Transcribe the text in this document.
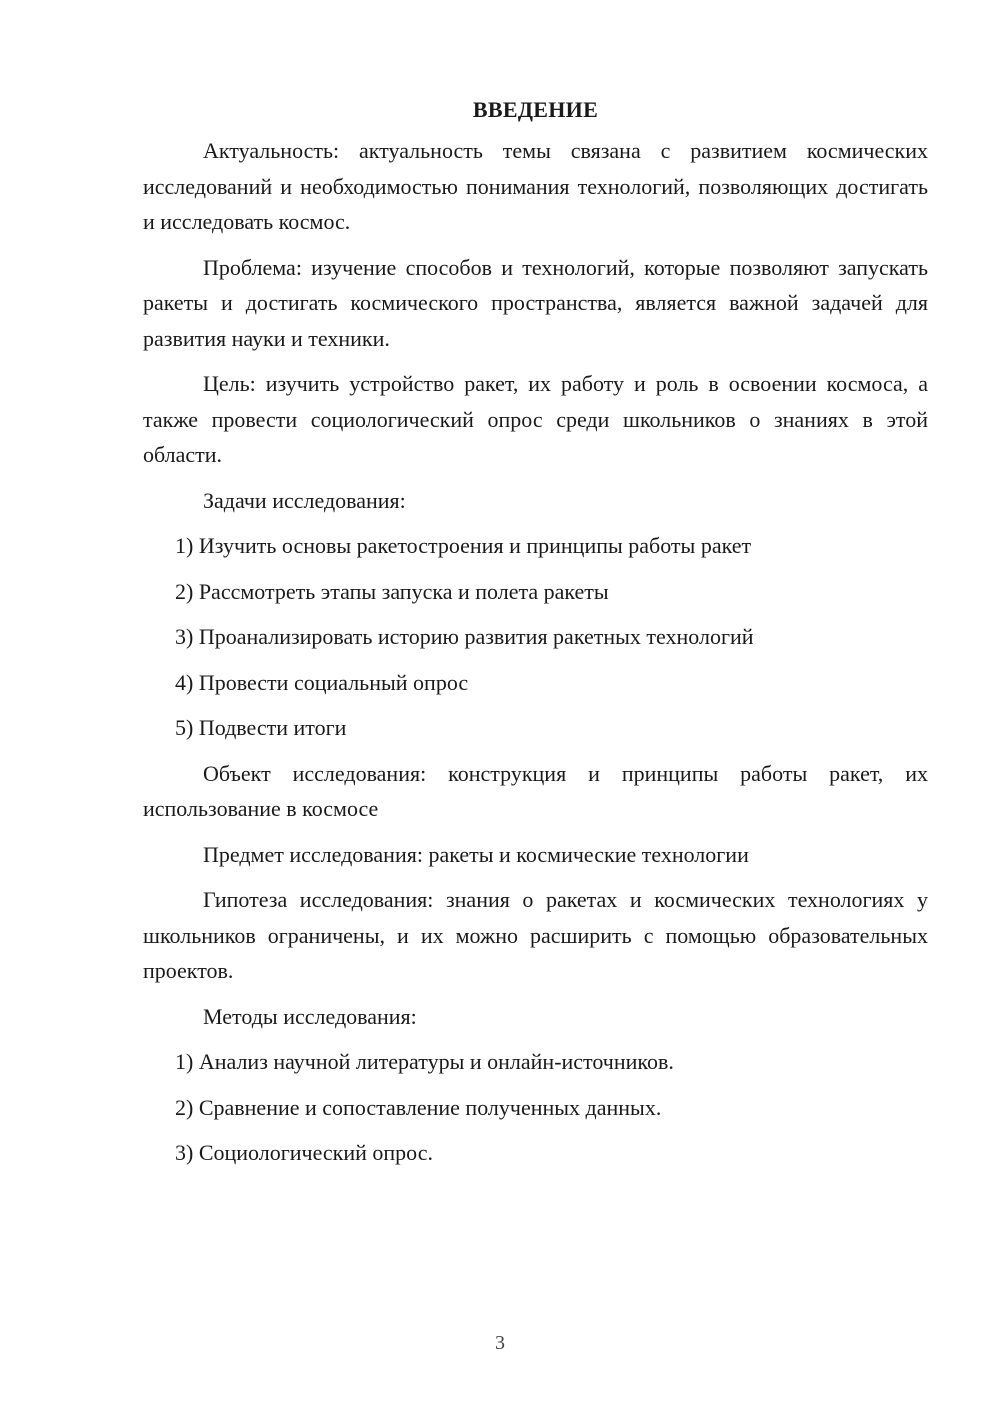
ВВЕДЕНИЕ

Актуальность: актуальность темы связана с развитием космических исследований и необходимостью понимания технологий, позволяющих достигать и исследовать космос.

Проблема: изучение способов и технологий, которые позволяют запускать ракеты и достигать космического пространства, является важной задачей для развития науки и техники.

Цель: изучить устройство ракет, их работу и роль в освоении космоса, а также провести социологический опрос среди школьников о знаниях в этой области.

Задачи исследования:

1) Изучить основы ракетостроения и принципы работы ракет
2) Рассмотреть этапы запуска и полета ракеты
3) Проанализировать историю развития ракетных технологий
4) Провести социальный опрос
5) Подвести итоги

Объект исследования: конструкция и принципы работы ракет, их использование в космосе

Предмет исследования: ракеты и космические технологии

Гипотеза исследования: знания о ракетах и космических технологиях у школьников ограничены, и их можно расширить с помощью образовательных проектов.

Методы исследования:

1) Анализ научной литературы и онлайн-источников.
2) Сравнение и сопоставление полученных данных.
3) Социологический опрос.
3
